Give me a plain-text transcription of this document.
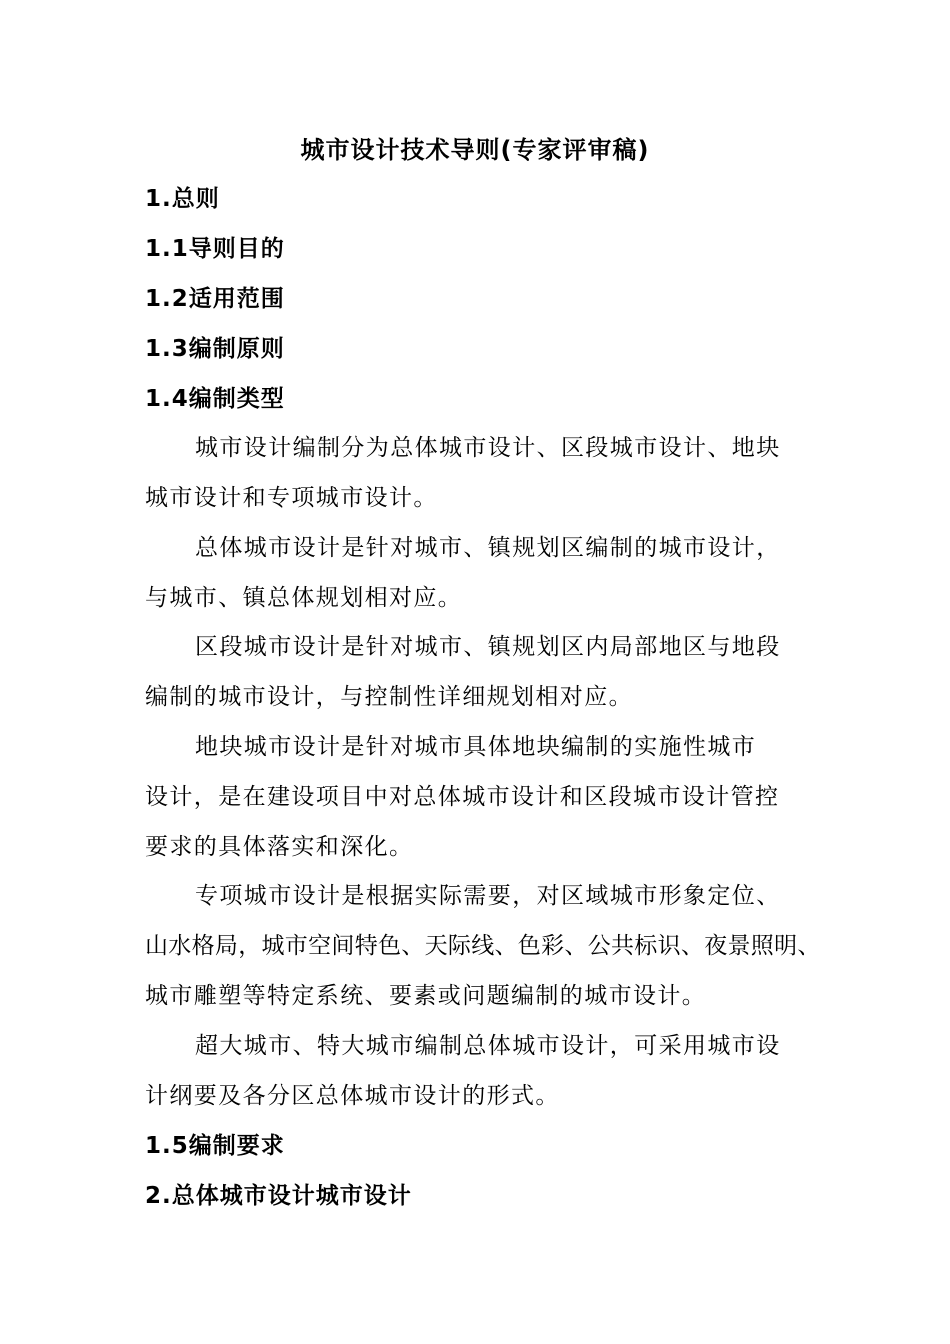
城市设计技术导则(专家评审稿)
1.总则
1.1导则目的
1.2适用范围
1.3编制原则
1.4编制类型
城市设计编制分为总体城市设计、区段城市设计、地块
城市设计和专项城市设计。
总体城市设计是针对城市、镇规划区编制的城市设计，
与城市、镇总体规划相对应。
区段城市设计是针对城市、镇规划区内局部地区与地段
编制的城市设计，与控制性详细规划相对应。
地块城市设计是针对城市具体地块编制的实施性城市
设计，是在建设项目中对总体城市设计和区段城市设计管控
要求的具体落实和深化。
专项城市设计是根据实际需要，对区域城市形象定位、
山水格局，城市空间特色、天际线、色彩、公共标识、夜景照明、
城市雕塑等特定系统、要素或问题编制的城市设计。
超大城市、特大城市编制总体城市设计，可采用城市设
计纲要及各分区总体城市设计的形式。
1.5编制要求
2.总体城市设计城市设计
